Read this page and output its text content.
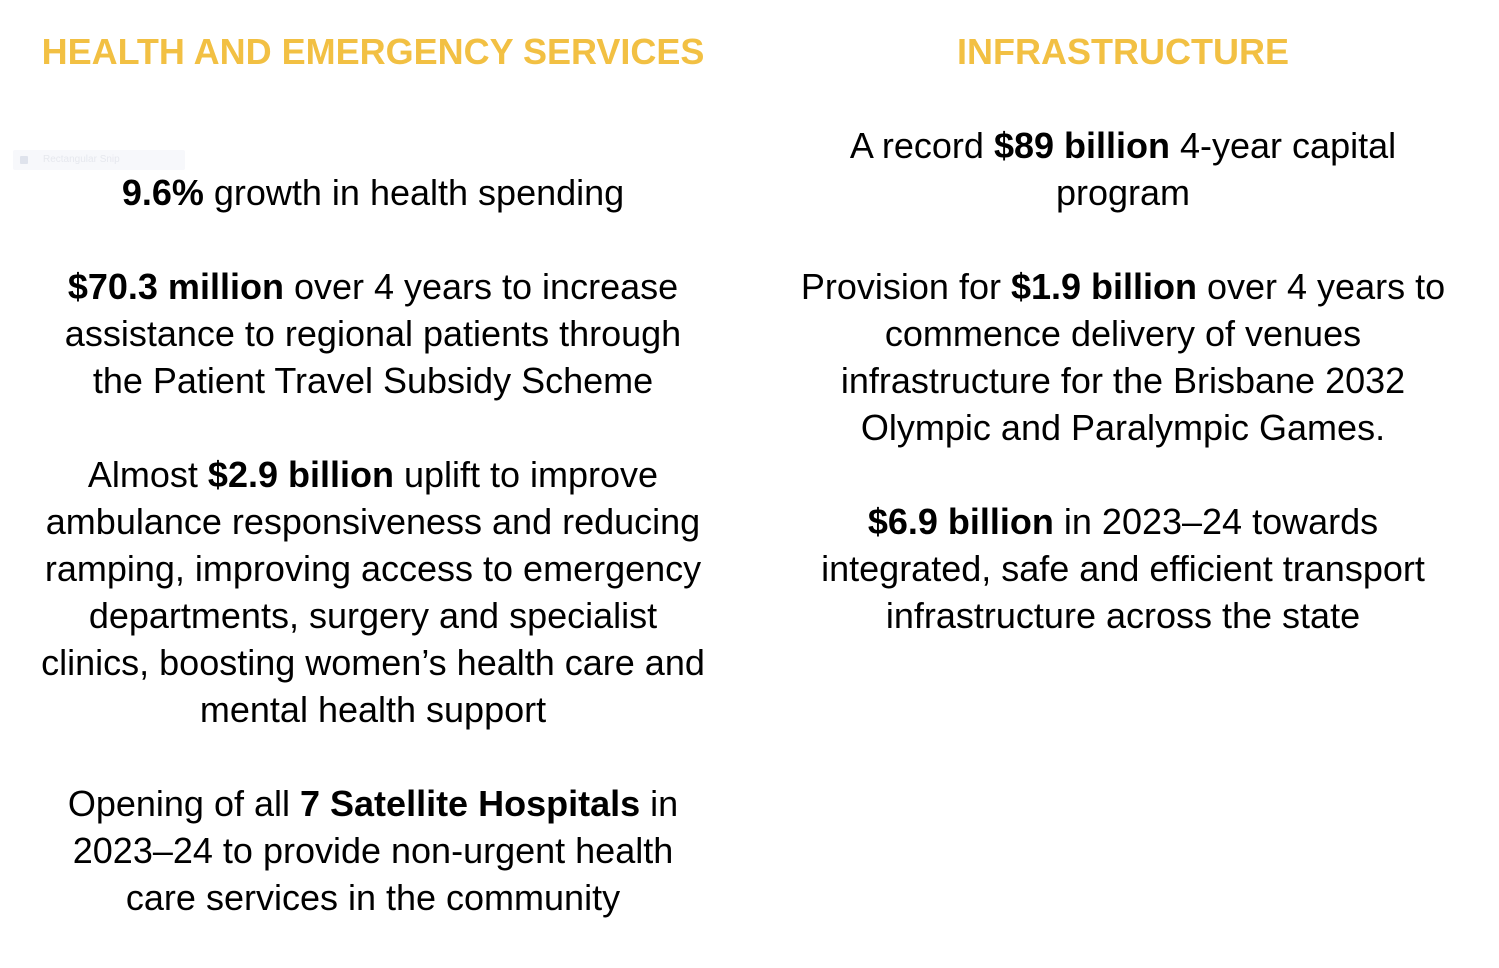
Rectangular Snip
HEALTH AND EMERGENCY SERVICES

9.6% growth in health spending

$70.3 million over 4 years to increase assistance to regional patients through the Patient Travel Subsidy Scheme

Almost $2.9 billion uplift to improve ambulance responsiveness and reducing ramping, improving access to emergency departments, surgery and specialist clinics, boosting women’s health care and mental health support

Opening of all 7 Satellite Hospitals in 2023–24 to provide non-urgent health care services in the community

INFRASTRUCTURE

A record $89 billion 4-year capital program

Provision for $1.9 billion over 4 years to commence delivery of venues infrastructure for the Brisbane 2032 Olympic and Paralympic Games.

$6.9 billion in 2023–24 towards integrated, safe and efficient transport infrastructure across the state
